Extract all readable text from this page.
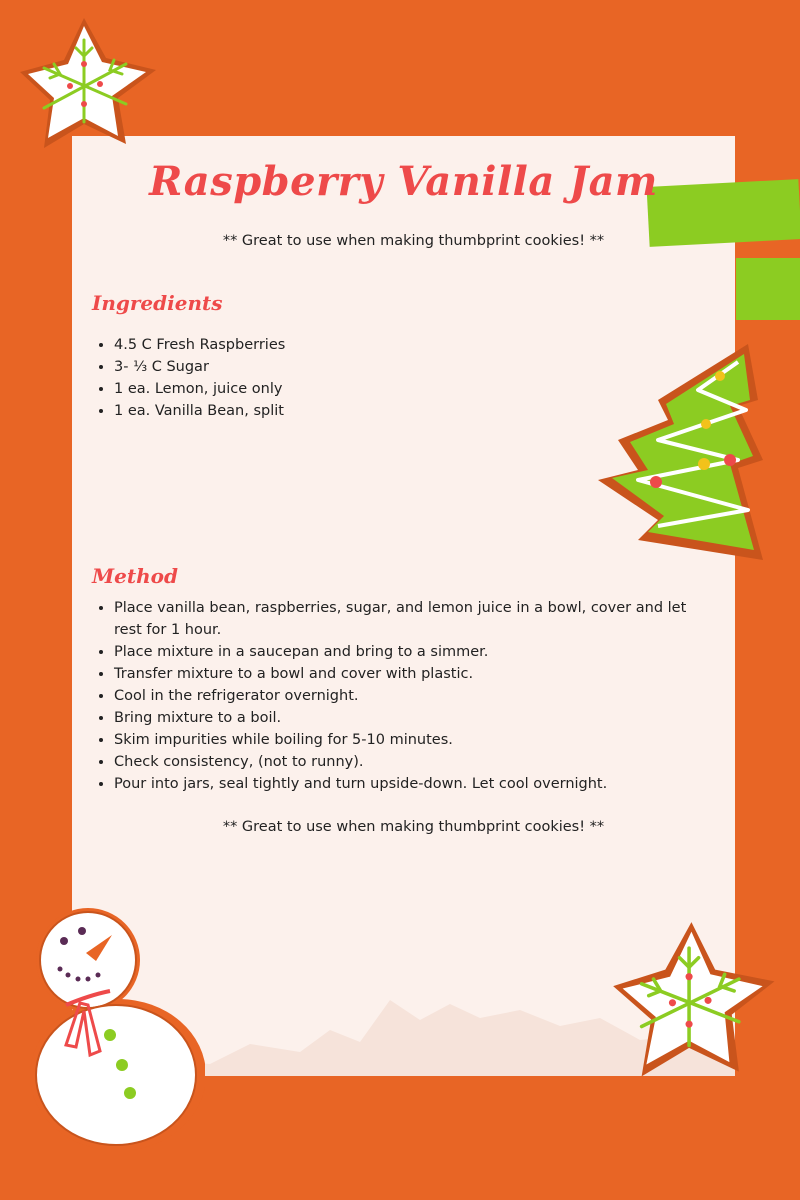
Raspberry Vanilla Jam

** Great to use when making thumbprint cookies! **

Ingredients
• 4.5 C Fresh Raspberries
• 3- ⅓ C Sugar
• 1 ea. Lemon, juice only
• 1 ea. Vanilla Bean, split
Method
• Place vanilla bean, raspberries, sugar, and lemon juice in a bowl, cover and let rest for 1 hour.
• Place mixture in a saucepan and bring to a simmer.
• Transfer mixture to a bowl and cover with plastic.
• Cool in the refrigerator overnight.
• Bring mixture to a boil.
• Skim impurities while boiling for 5-10 minutes.
• Check consistency, (not to runny).
• Pour into jars, seal tightly and turn upside-down. Let cool overnight.

** Great to use when making thumbprint cookies! **
